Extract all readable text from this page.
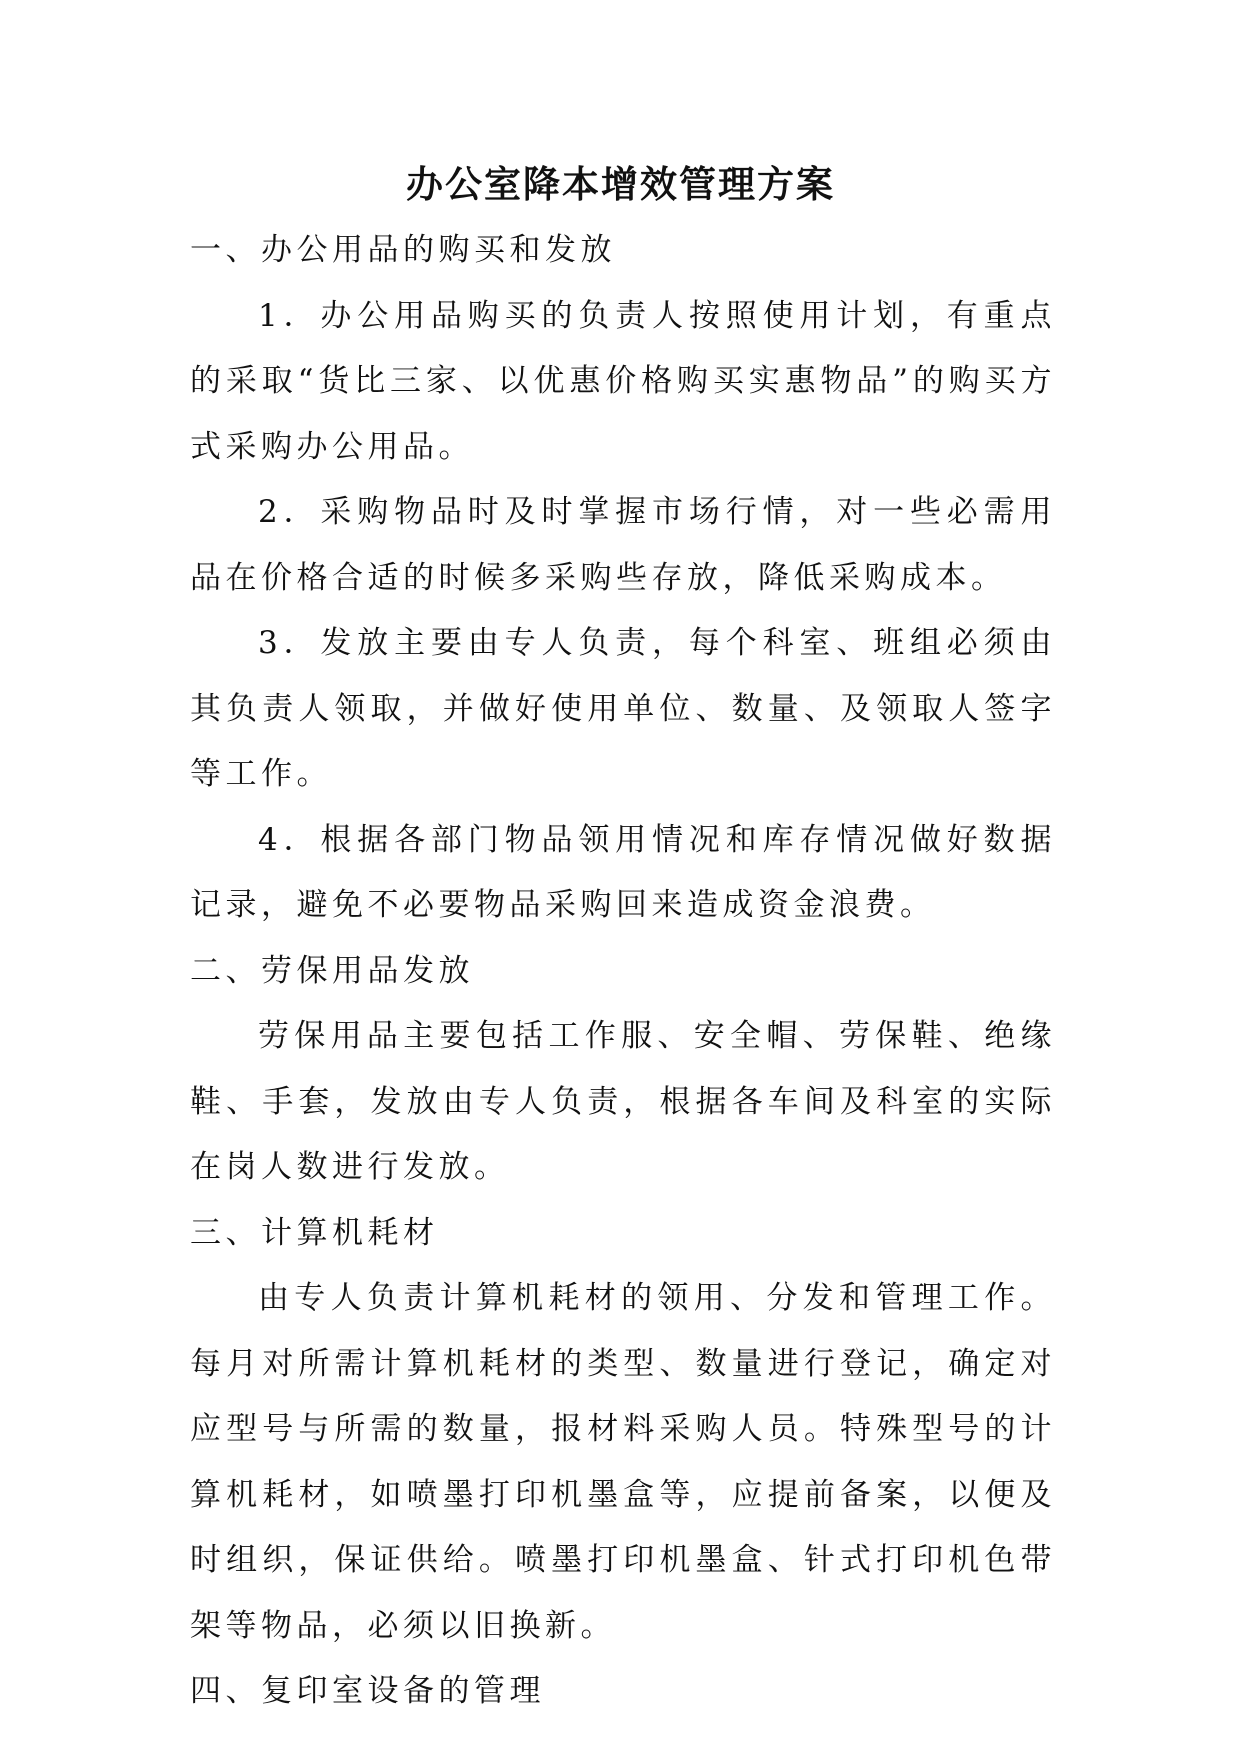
办公室降本增效管理方案

一、办公用品的购买和发放

1．办公用品购买的负责人按照使用计划，有重点的采取“货比三家、以优惠价格购买实惠物品”的购买方式采购办公用品。

2．采购物品时及时掌握市场行情，对一些必需用品在价格合适的时候多采购些存放，降低采购成本。

3．发放主要由专人负责，每个科室、班组必须由其负责人领取，并做好使用单位、数量、及领取人签字等工作。

4．根据各部门物品领用情况和库存情况做好数据记录，避免不必要物品采购回来造成资金浪费。

二、劳保用品发放

劳保用品主要包括工作服、安全帽、劳保鞋、绝缘鞋、手套，发放由专人负责，根据各车间及科室的实际在岗人数进行发放。

三、计算机耗材

由专人负责计算机耗材的领用、分发和管理工作。每月对所需计算机耗材的类型、数量进行登记，确定对应型号与所需的数量，报材料采购人员。特殊型号的计算机耗材，如喷墨打印机墨盒等，应提前备案，以便及时组织，保证供给。喷墨打印机墨盒、针式打印机色带架等物品，必须以旧换新。

四、复印室设备的管理
